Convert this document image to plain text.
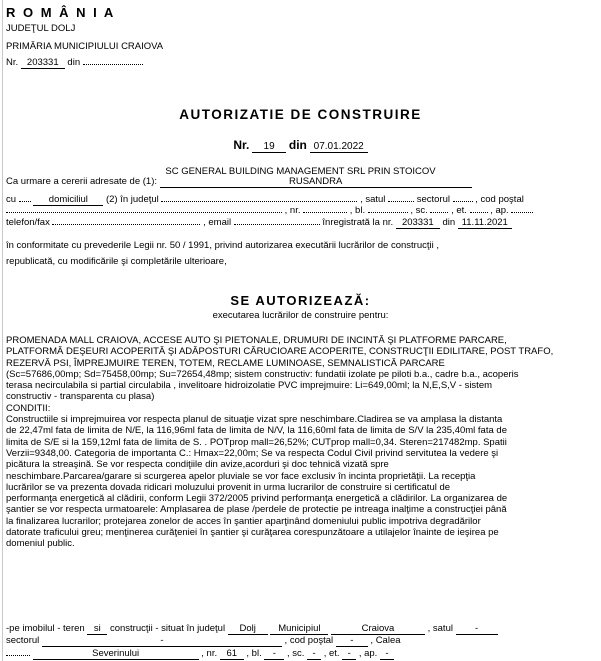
R O M Â N I A
JUDEŢUL DOLJ
PRIMĂRIA MUNICIPIULUI CRAIOVA
Nr. 203331 din
AUTORIZATIE DE CONSTRUIRE
Nr. 19 din 07.01.2022
SC GENERAL BUILDING MANAGEMENT SRL PRIN STOICOV
Ca urmare a cererii adresate de (1):	RUSANDRA
cu	domiciliul (2) în judeţul	, satul	sectorul	, cod poştal
, nr.	, bl.	, sc. , et. , ap.
telefon/fax	, email	înregistrată la nr. 203331 din 11.11.2021
în conformitate cu prevederile Legii nr. 50 / 1991, privind autorizarea executării lucrărilor de construcţii ,
republicată, cu modificările şi completările ulterioare,
SE AUTORIZEAZĂ:
executarea lucrărilor de construire pentru:

PROMENADA MALL CRAIOVA, ACCESE AUTO ŞI PIETONALE, DRUMURI DE INCINTĂ ŞI PLATFORME PARCARE,

PLATFORMĂ DEŞEURI ACOPERITĂ ŞI ADĂPOSTURI CĂRUCIOARE ACOPERITE, CONSTRUCŢII EDILITARE, POST TRAFO,

REZERVĂ PSI, ÎMPREJMUIRE TEREN, TOTEM, RECLAME LUMINOASE, SEMNALISTICĂ PARCARE

(Sc=57686,00mp; Sd=75458,00mp; Su=72654,48mp; sistem constructiv: fundatii izolate pe piloti b.a., cadre b.a., acoperis

terasa necirculabila si partial circulabila , invelitoare hidroizolatie PVC imprejmuire: Li=649,00ml; la N,E,S,V - sistem

constructiv - transparenta cu plasa)

CONDITII:

Constructiile si imprejmuirea vor respecta planul de situaţie vizat spre neschimbare.Cladirea se va amplasa la distanta

de 22,47ml fata de limita de N/E, la 116,96ml fata de limita de N/V, la 116,60ml fata de limita de S/V la 235,40ml fata de

limita de S/E si la 159,12ml fata de limita de S. . POTprop mall=26,52%; CUTprop mall=0,34. Steren=217482mp. Spatii

Verzii=9348,00. Categoria de importanta C.: Hmax=22,00m; Se va respecta Codul Civil privind servitutea la vedere şi

picătura la streaşină. Se vor respecta condiţiile din avize,acorduri şi doc tehnică vizată spre

neschimbare.Parcarea/garare si scurgerea apelor pluviale se vor face exclusiv în incinta proprietăţii. La recepţia

lucrărilor se va prezenta dovada ridicari moluzului provenit in urma lucrarilor de construire si certificatul de

performanţa energetică al clădirii, conform Legii 372/2005 privind performanţa energetică a clădirilor. La organizarea de

şantier se vor respecta urmatoarele: Amplasarea de plase /perdele de protectie pe intreaga inalţime a construcţiei până

la finalizarea lucrarilor; protejarea zonelor de acces în şantier aparţinând domeniului public impotriva degradărilor

datorate traficului greu; menţinerea curăţeniei în şantier şi curăţarea corespunzătoare a utilajelor înainte de ieşirea pe

domeniul public.

-pe imobilul - teren si construcţii - situat în judeţul Dolj Municipiul	Craiova	, satul -
sectorul	-	, cod poştal - , Calea
Severinului	, nr. 61 , bl. - , sc. - , et. - , ap. -
